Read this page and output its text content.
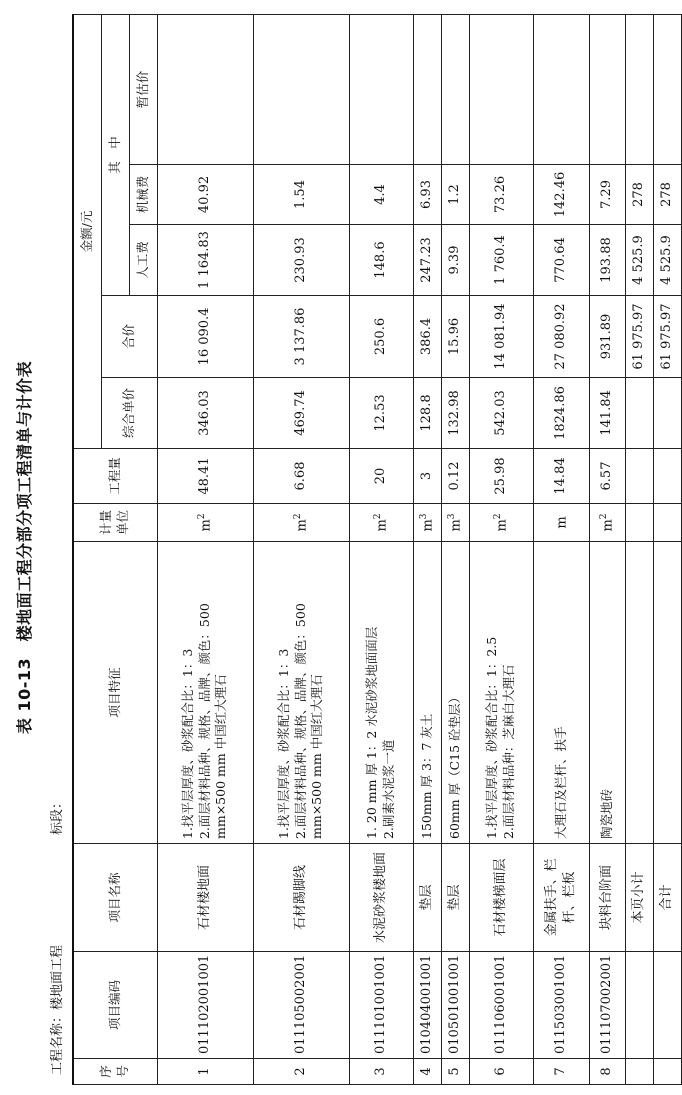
表 10-13　楼地面工程分部分项工程清单与计价表
工程名称：楼地面工程
标段：
序号	项目编码	项目名称	项目特征	计量单位	工程量	金额/元				
						综合单价	合价	其　中		
								人工费	机械费	暂估价
1	011102001001	石材楼地面	1.找平层厚度、砂浆配合比：1：3 2.面层材料品种、规格、品牌、颜色：500 mm×500 mm 中国红大理石	$m^2$	48.41	346.03	16 090.4	1 164.83	40.92	
2	011105002001	石材踢脚线	1.找平层厚度、砂浆配合比：1：3 2.面层材料品种、规格、品牌、颜色：500 mm×500 mm 中国红大理石	$m^2$	6.68	469.74	3 137.86	230.93	1.54	
3	011101001001	水泥砂浆楼地面	1. 20 mm 厚 1：2 水泥砂浆地面面层 2.刷素水泥浆一道	$m^2$	20	12.53	250.6	148.6	4.4	
4	010404001001	垫层	150mm 厚 3：7 灰土	$m^3$	3	128.8	386.4	247.23	6.93	
5	010501001001	垫层	60mm 厚（C15 砼垫层）	$m^3$	0.12	132.98	15.96	9.39	1.2	
6	011106001001	石材楼梯面层	1.找平层厚度、砂浆配合比：1：2.5 2.面层材料品种：芝麻白大理石	$m^2$	25.98	542.03	14 081.94	1 760.4	73.26	
7	011503001001	金属扶手、栏杆、栏板	大理石及栏杆、扶手	m	14.84	1824.86	27 080.92	770.64	142.46	
8	011107002001	块料台阶面	陶瓷地砖	$m^2$	6.57	141.84	931.89	193.88	7.29	
		本页小计					61 975.97	4 525.9	278	
		合计					61 975.97	4 525.9	278	
